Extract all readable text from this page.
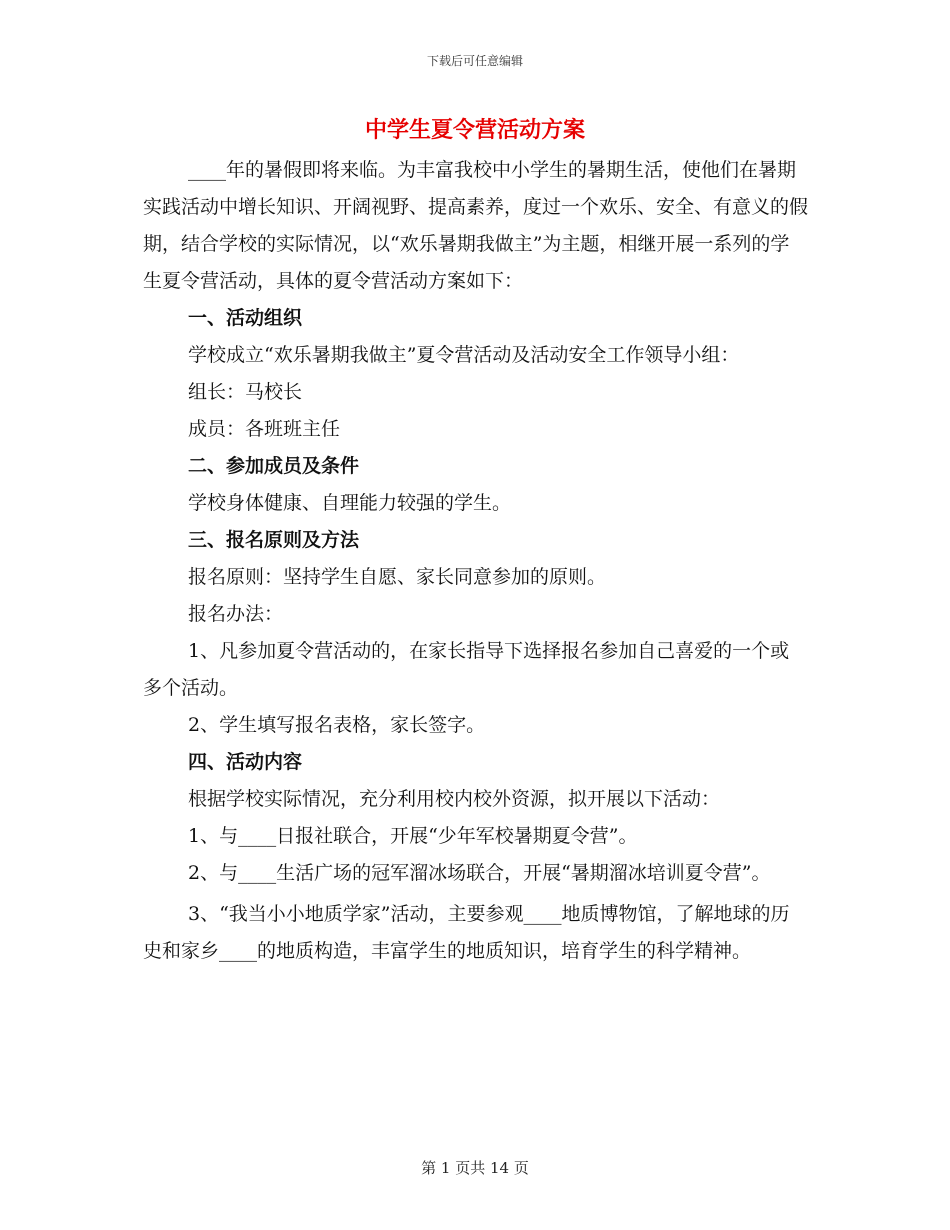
下载后可任意编辑
中学生夏令营活动方案

____年的暑假即将来临。为丰富我校中小学生的暑期生活，使他们在暑期实践活动中增长知识、开阔视野、提高素养，度过一个欢乐、安全、有意义的假期，结合学校的实际情况，以“欢乐暑期我做主”为主题，相继开展一系列的学生夏令营活动，具体的夏令营活动方案如下：

一、活动组织

学校成立“欢乐暑期我做主”夏令营活动及活动安全工作领导小组：

组长：马校长

成员：各班班主任

二、参加成员及条件

学校身体健康、自理能力较强的学生。

三、报名原则及方法

报名原则：坚持学生自愿、家长同意参加的原则。

报名办法：

1、凡参加夏令营活动的，在家长指导下选择报名参加自己喜爱的一个或多个活动。

2、学生填写报名表格，家长签字。

四、活动内容

根据学校实际情况，充分利用校内校外资源，拟开展以下活动：

1、与____日报社联合，开展“少年军校暑期夏令营”。

2、与____生活广场的冠军溜冰场联合，开展“暑期溜冰培训夏令营”。

3、“我当小小地质学家”活动，主要参观____地质博物馆，了解地球的历史和家乡____的地质构造，丰富学生的地质知识，培育学生的科学精神。

第 1 页共 14 页
